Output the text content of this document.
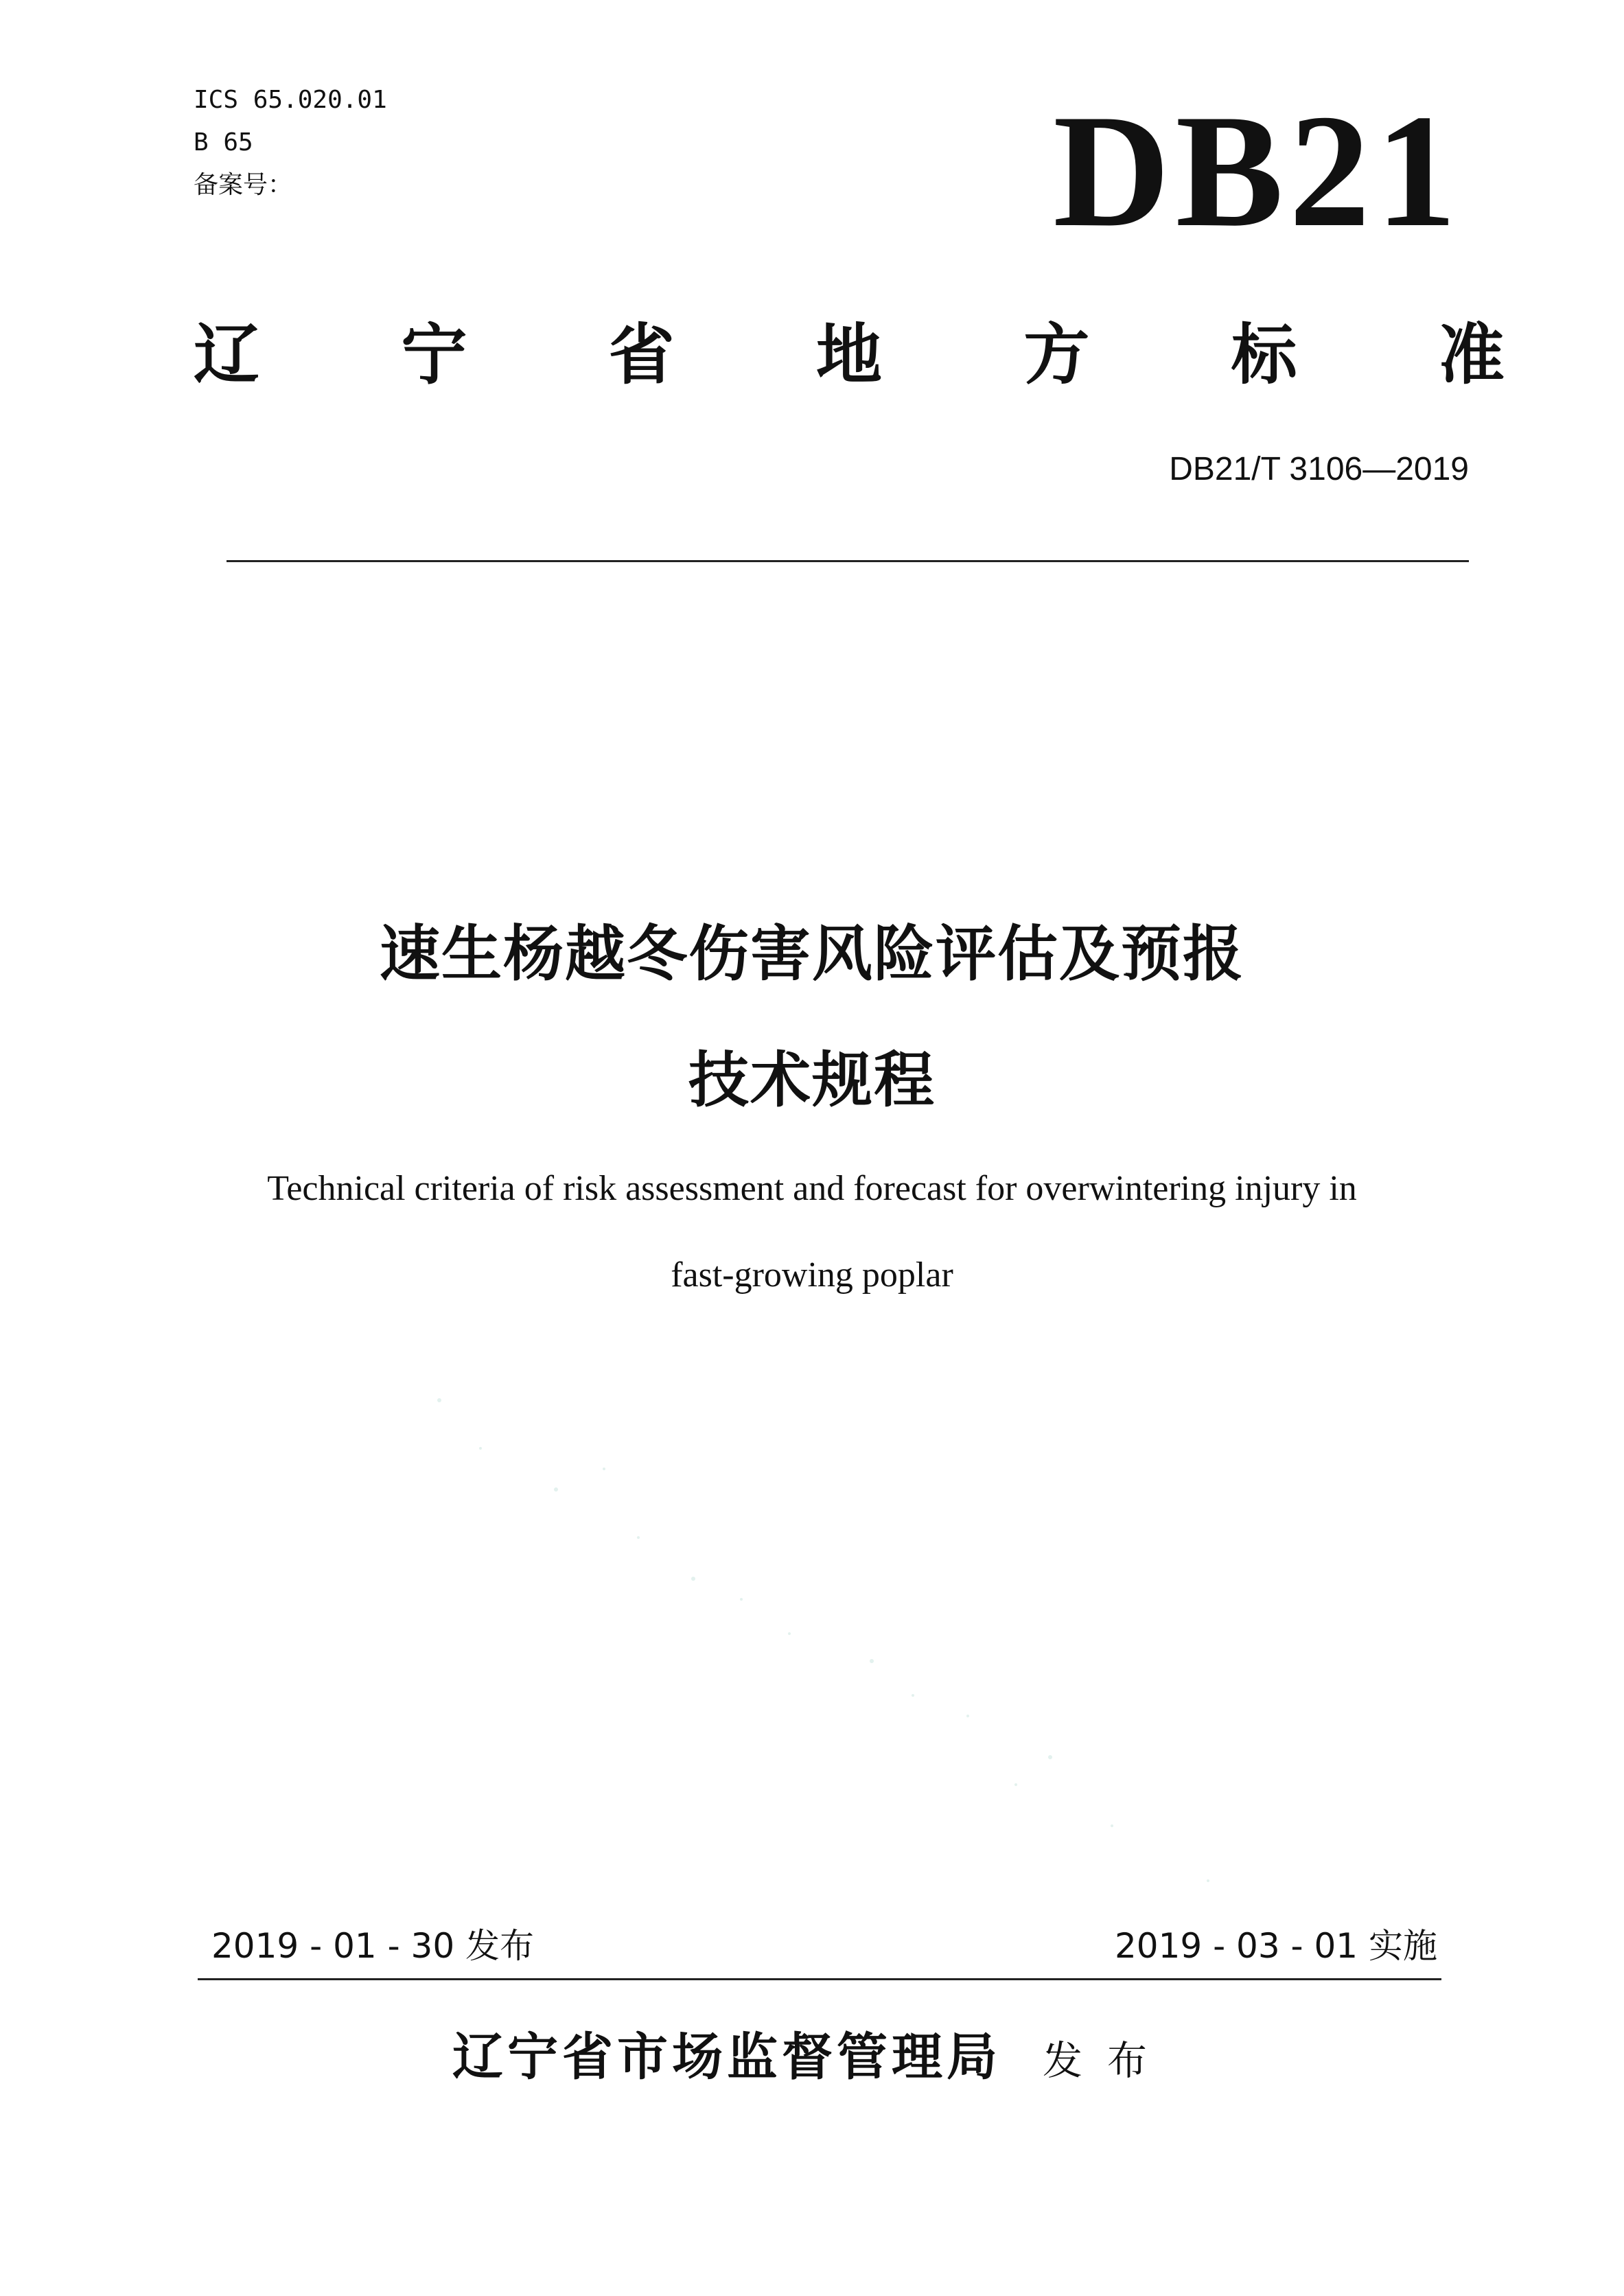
ICS 65.020.01
B 65
备案号：	DB21
辽 宁 省 地 方 标 准
DB21/T 3106—2019
速生杨越冬伤害风险评估及预报
技术规程
Technical criteria of risk assessment and forecast for overwintering injury in
fast-growing poplar
2019 - 01 - 30 发布	2019 - 03 - 01 实施
辽宁省市场监督管理局 发布
